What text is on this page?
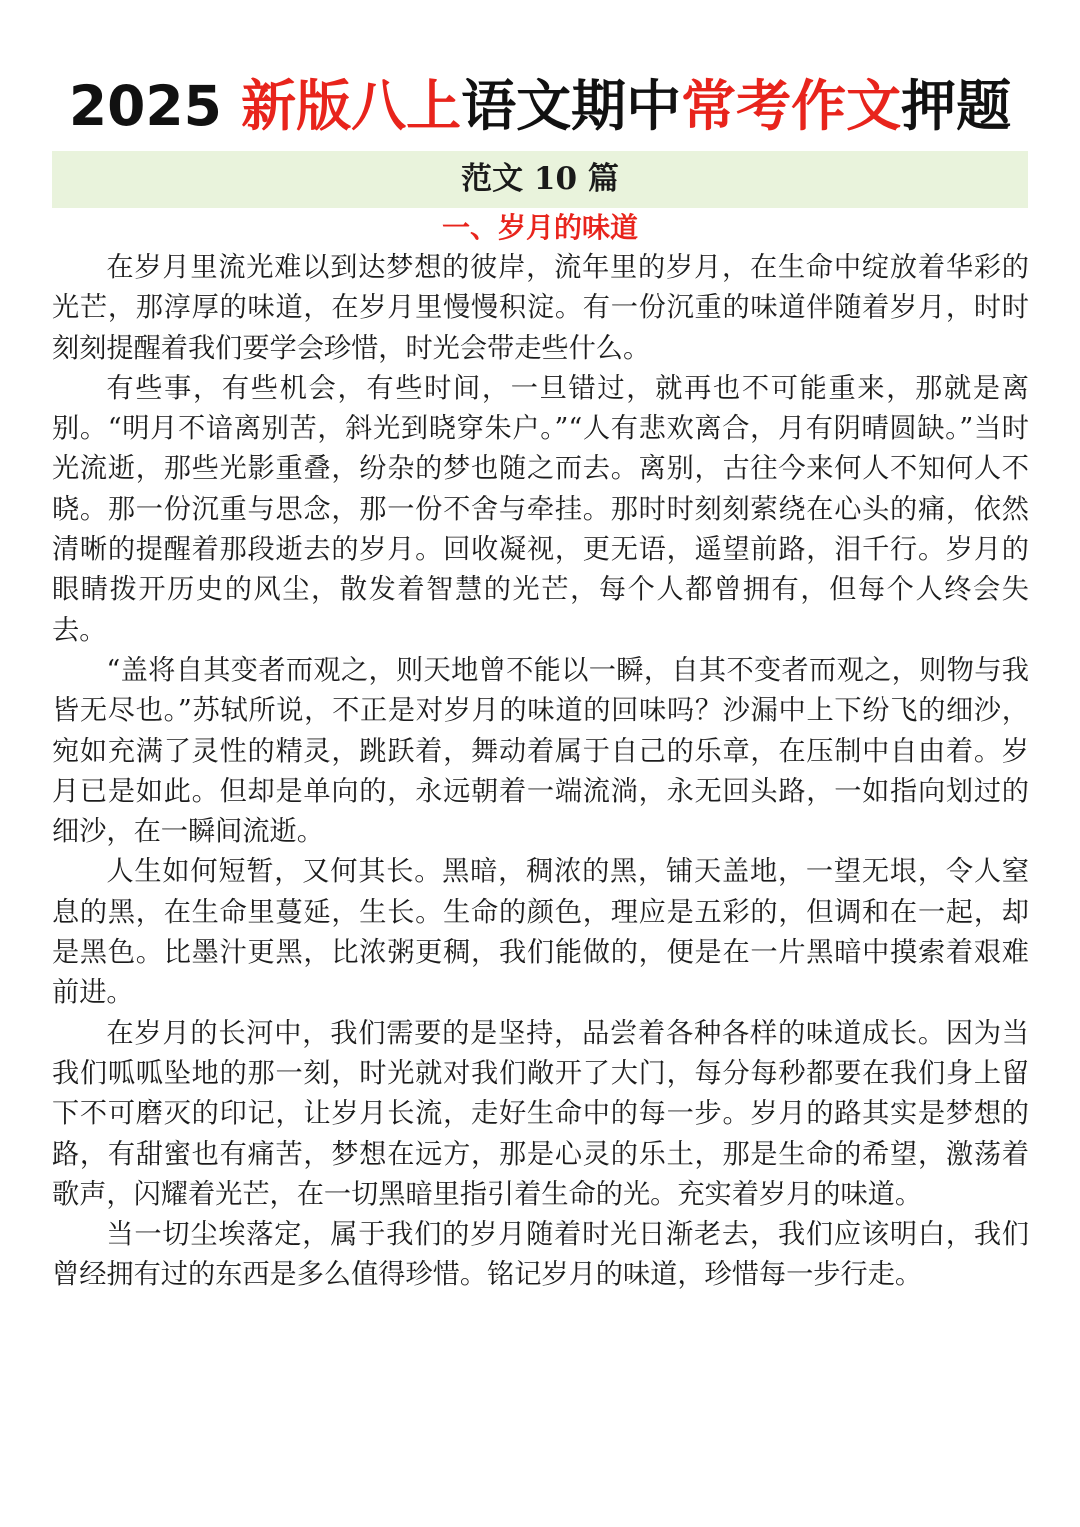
2025 新版八上语文期中常考作文押题
范文 10 篇
一、岁月的味道

在岁月里流光难以到达梦想的彼岸，流年里的岁月，在生命中绽放着华彩的光芒，那淳厚的味道，在岁月里慢慢积淀。有一份沉重的味道伴随着岁月，时时刻刻提醒着我们要学会珍惜，时光会带走些什么。

有些事，有些机会，有些时间，一旦错过，就再也不可能重来，那就是离别。“明月不谙离别苦，斜光到晓穿朱户。”“人有悲欢离合，月有阴晴圆缺。”当时光流逝，那些光影重叠，纷杂的梦也随之而去。离别，古往今来何人不知何人不晓。那一份沉重与思念，那一份不舍与牵挂。那时时刻刻萦绕在心头的痛，依然清晰的提醒着那段逝去的岁月。回收凝视，更无语，遥望前路，泪千行。岁月的眼睛拨开历史的风尘，散发着智慧的光芒，每个人都曾拥有，但每个人终会失去。

“盖将自其变者而观之，则天地曾不能以一瞬，自其不变者而观之，则物与我皆无尽也。”苏轼所说，不正是对岁月的味道的回味吗？沙漏中上下纷飞的细沙，宛如充满了灵性的精灵，跳跃着，舞动着属于自己的乐章，在压制中自由着。岁月已是如此。但却是单向的，永远朝着一端流淌，永无回头路，一如指向划过的细沙，在一瞬间流逝。

人生如何短暂，又何其长。黑暗，稠浓的黑，铺天盖地，一望无垠，令人窒息的黑，在生命里蔓延，生长。生命的颜色，理应是五彩的，但调和在一起，却是黑色。比墨汁更黑，比浓粥更稠，我们能做的，便是在一片黑暗中摸索着艰难前进。

在岁月的长河中，我们需要的是坚持，品尝着各种各样的味道成长。因为当我们呱呱坠地的那一刻，时光就对我们敞开了大门，每分每秒都要在我们身上留下不可磨灭的印记，让岁月长流，走好生命中的每一步。岁月的路其实是梦想的路，有甜蜜也有痛苦，梦想在远方，那是心灵的乐土，那是生命的希望，激荡着歌声，闪耀着光芒，在一切黑暗里指引着生命的光。充实着岁月的味道。

当一切尘埃落定，属于我们的岁月随着时光日渐老去，我们应该明白，我们曾经拥有过的东西是多么值得珍惜。铭记岁月的味道，珍惜每一步行走。
